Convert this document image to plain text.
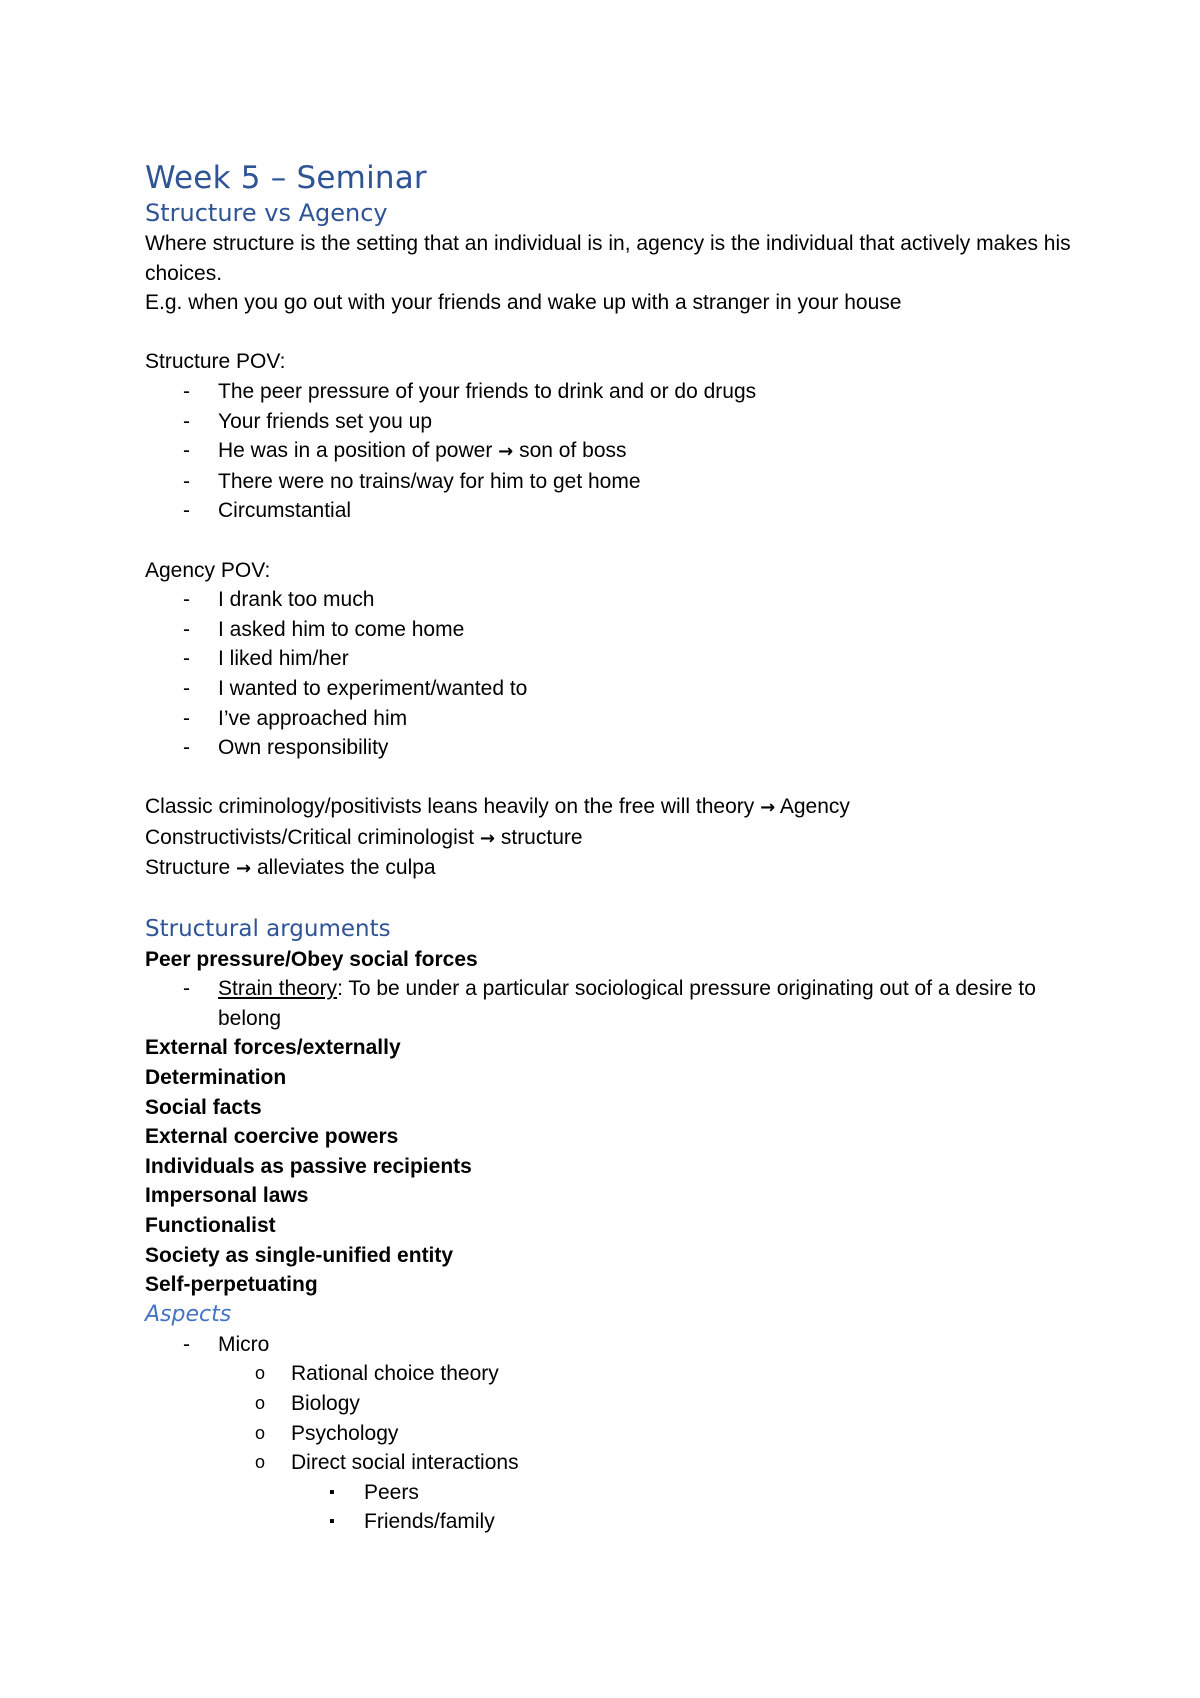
Week 5 – Seminar
Structure vs Agency

Where structure is the setting that an individual is in, agency is the individual that actively makes his choices.

E.g. when you go out with your friends and wake up with a stranger in your house

Structure POV:

- The peer pressure of your friends to drink and or do drugs
- Your friends set you up
- He was in a position of power → son of boss
- There were no trains/way for him to get home
- Circumstantial

Agency POV:

- I drank too much
- I asked him to come home
- I liked him/her
- I wanted to experiment/wanted to
- I’ve approached him
- Own responsibility

Classic criminology/positivists leans heavily on the free will theory → Agency

Constructivists/Critical criminologist → structure

Structure → alleviates the culpa

Structural arguments

Peer pressure/Obey social forces

- Strain theory: To be under a particular sociological pressure originating out of a desire to belong

External forces/externally

Determination

Social facts

External coercive powers

Individuals as passive recipients

Impersonal laws

Functionalist

Society as single-unified entity

Self-perpetuating

Aspects
- Micro
o Rational choice theory
o Biology
o Psychology
o Direct social interactions
▪ Peers
▪ Friends/family
